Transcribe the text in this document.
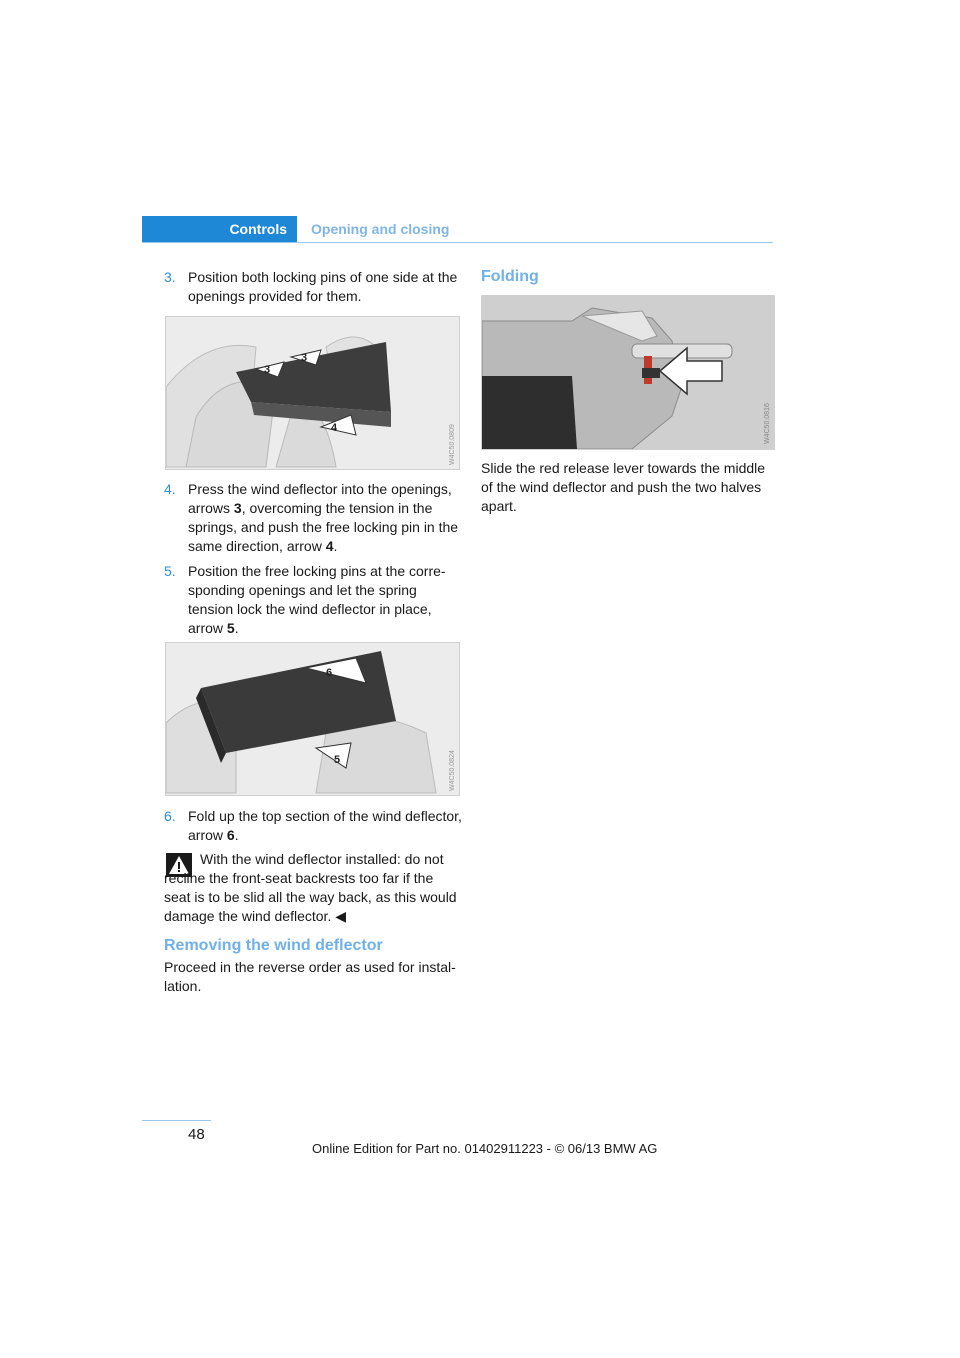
Controls Opening and closing
3. Position both locking pins of one side at the openings provided for them.
3
3
4	W4C50.0809
4. Press the wind deflector into the openings, arrows 3, overcoming the tension in the springs, and push the free locking pin in the same direction, arrow 4.
5. Position the free locking pins at the corresponding openings and let the spring tension lock the wind deflector in place, arrow 5.
6
5	W4C50.0824
6. Fold up the top section of the wind deflector, arrow 6.
With the wind deflector installed: do not recline the front-seat backrests too far if the seat is to be slid all the way back, as this would damage the wind deflector. ◀
Removing the wind deflector
Proceed in the reverse order as used for installation.
Folding
W4C50.0816
Slide the red release lever towards the middle of the wind deflector and push the two halves apart.
48
Online Edition for Part no. 01402911223 - © 06/13 BMW AG
